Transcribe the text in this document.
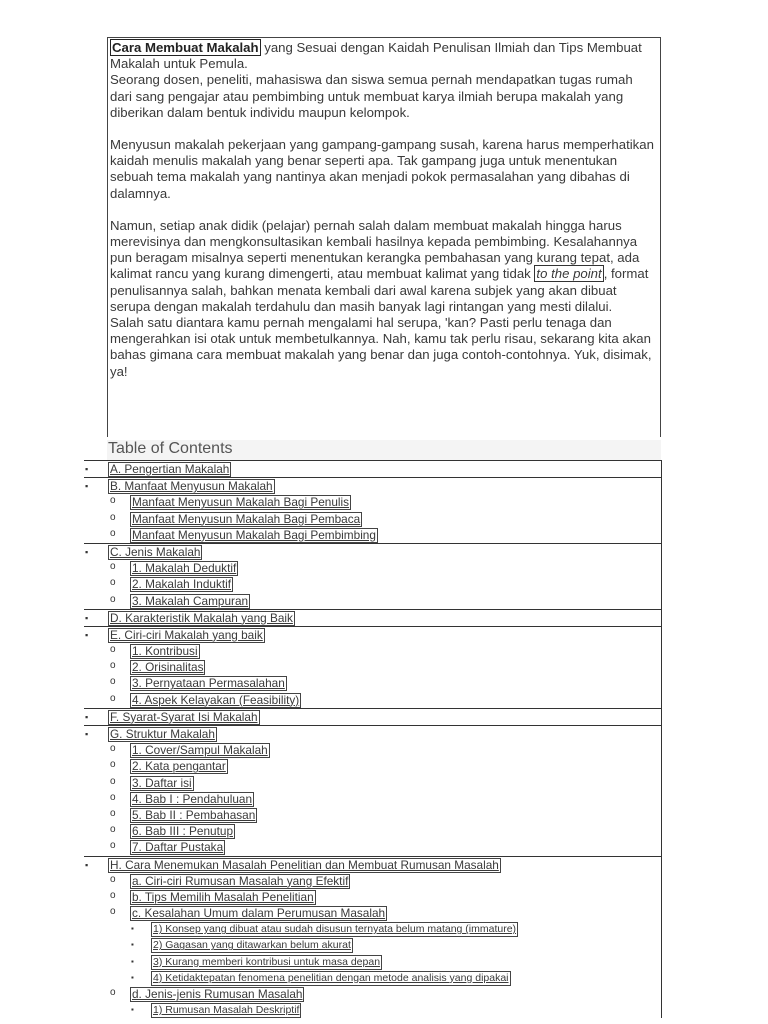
Cara Membuat Makalah yang Sesuai dengan Kaidah Penulisan Ilmiah dan Tips Membuat Makalah untuk Pemula.

Seorang dosen, peneliti, mahasiswa dan siswa semua pernah mendapatkan tugas rumah dari sang pengajar atau pembimbing untuk membuat karya ilmiah berupa makalah yang diberikan dalam bentuk individu maupun kelompok.

Menyusun makalah pekerjaan yang gampang-gampang susah, karena harus memperhatikan kaidah menulis makalah yang benar seperti apa. Tak gampang juga untuk menentukan sebuah tema makalah yang nantinya akan menjadi pokok permasalahan yang dibahas di dalamnya.

Namun, setiap anak didik (pelajar) pernah salah dalam membuat makalah hingga harus merevisinya dan mengkonsultasikan kembali hasilnya kepada pembimbing. Kesalahannya pun beragam misalnya seperti menentukan kerangka pembahasan yang kurang tepat, ada kalimat rancu yang kurang dimengerti, atau membuat kalimat yang tidak to the point , format penulisannya salah, bahkan menata kembali dari awal karena subjek yang akan dibuat serupa dengan makalah terdahulu dan masih banyak lagi rintangan yang mesti dilalui.

Salah satu diantara kamu pernah mengalami hal serupa, 'kan? Pasti perlu tenaga dan mengerahkan isi otak untuk membetulkannya. Nah, kamu tak perlu risau, sekarang kita akan bahas gimana cara membuat makalah yang benar dan juga contoh-contohnya. Yuk, disimak, ya!

Table of Contents
▪ A. Pengertian Makalah
▪ B. Manfaat Menyusun Makalah
o Manfaat Menyusun Makalah Bagi Penulis
o Manfaat Menyusun Makalah Bagi Pembaca
o Manfaat Menyusun Makalah Bagi Pembimbing
▪ C. Jenis Makalah
o 1. Makalah Deduktif
o 2. Makalah Induktif
o 3. Makalah Campuran
▪ D. Karakteristik Makalah yang Baik
▪ E. Ciri-ciri Makalah yang baik
o 1. Kontribusi
o 2. Orisinalitas
o 3. Pernyataan Permasalahan
o 4. Aspek Kelayakan (Feasibility)
▪ F. Syarat-Syarat Isi Makalah
▪ G. Struktur Makalah
o 1. Cover/Sampul Makalah
o 2. Kata pengantar
o 3. Daftar isi
o 4. Bab I : Pendahuluan
o 5. Bab II : Pembahasan
o 6. Bab III : Penutup
o 7. Daftar Pustaka
▪ H. Cara Menemukan Masalah Penelitian dan Membuat Rumusan Masalah
o a. Ciri-ciri Rumusan Masalah yang Efektif
o b. Tips Memilih Masalah Penelitian
o c. Kesalahan Umum dalam Perumusan Masalah
▪ 1) Konsep yang dibuat atau sudah disusun ternyata belum matang (immature)
▪ 2) Gagasan yang ditawarkan belum akurat
▪ 3) Kurang memberi kontribusi untuk masa depan
▪ 4) Ketidaktepatan fenomena penelitian dengan metode analisis yang dipakai
o d. Jenis-jenis Rumusan Masalah
▪ 1) Rumusan Masalah Deskriptif
